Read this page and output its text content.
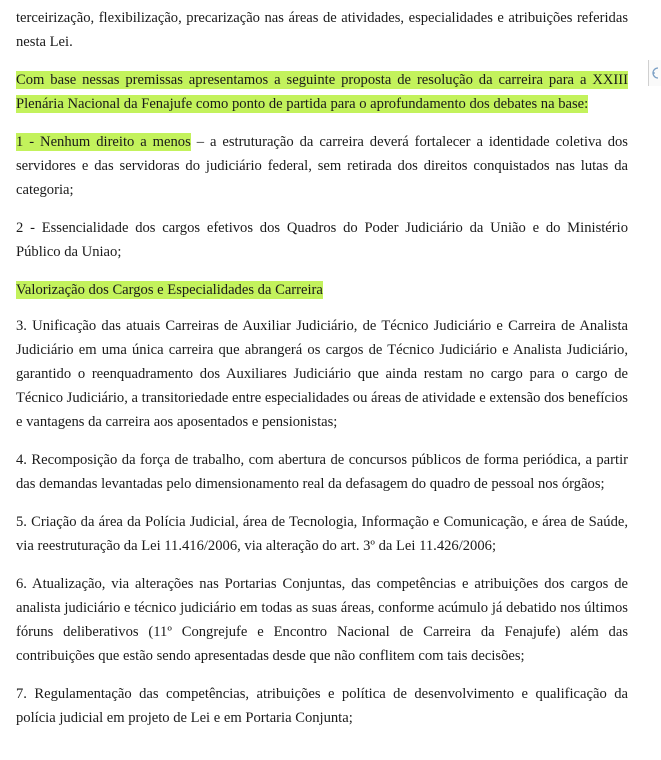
terceirização, flexibilização, precarização nas áreas de atividades, especialidades e atribuições referidas nesta Lei.

Com base nessas premissas apresentamos a seguinte proposta de resolução da carreira para a XXIII Plenária Nacional da Fenajufe como ponto de partida para o aprofundamento dos debates na base:

1 - Nenhum direito a menos – a estruturação da carreira deverá fortalecer a identidade coletiva dos servidores e das servidoras do judiciário federal, sem retirada dos direitos conquistados nas lutas da categoria;

2 - Essencialidade dos cargos efetivos dos Quadros do Poder Judiciário da União e do Ministério Público da Uniao;

Valorização dos Cargos e Especialidades da Carreira

3. Unificação das atuais Carreiras de Auxiliar Judiciário, de Técnico Judiciário e Carreira de Analista Judiciário em uma única carreira que abrangerá os cargos de Técnico Judiciário e Analista Judiciário, garantido o reenquadramento dos Auxiliares Judiciário que ainda restam no cargo para o cargo de Técnico Judiciário, a transitoriedade entre especialidades ou áreas de atividade e extensão dos benefícios e vantagens da carreira aos aposentados e pensionistas;

4. Recomposição da força de trabalho, com abertura de concursos públicos de forma periódica, a partir das demandas levantadas pelo dimensionamento real da defasagem do quadro de pessoal nos órgãos;

5. Criação da área da Polícia Judicial, área de Tecnologia, Informação e Comunicação, e área de Saúde, via reestruturação da Lei 11.416/2006, via alteração do art. 3º da Lei 11.426/2006;

6. Atualização, via alterações nas Portarias Conjuntas, das competências e atribuições dos cargos de analista judiciário e técnico judiciário em todas as suas áreas, conforme acúmulo já debatido nos últimos fóruns deliberativos (11º Congrejufe e Encontro Nacional de Carreira da Fenajufe) além das contribuições que estão sendo apresentadas desde que não conflitem com tais decisões;

7. Regulamentação das competências, atribuições e política de desenvolvimento e qualificação da polícia judicial em projeto de Lei e em Portaria Conjunta;
